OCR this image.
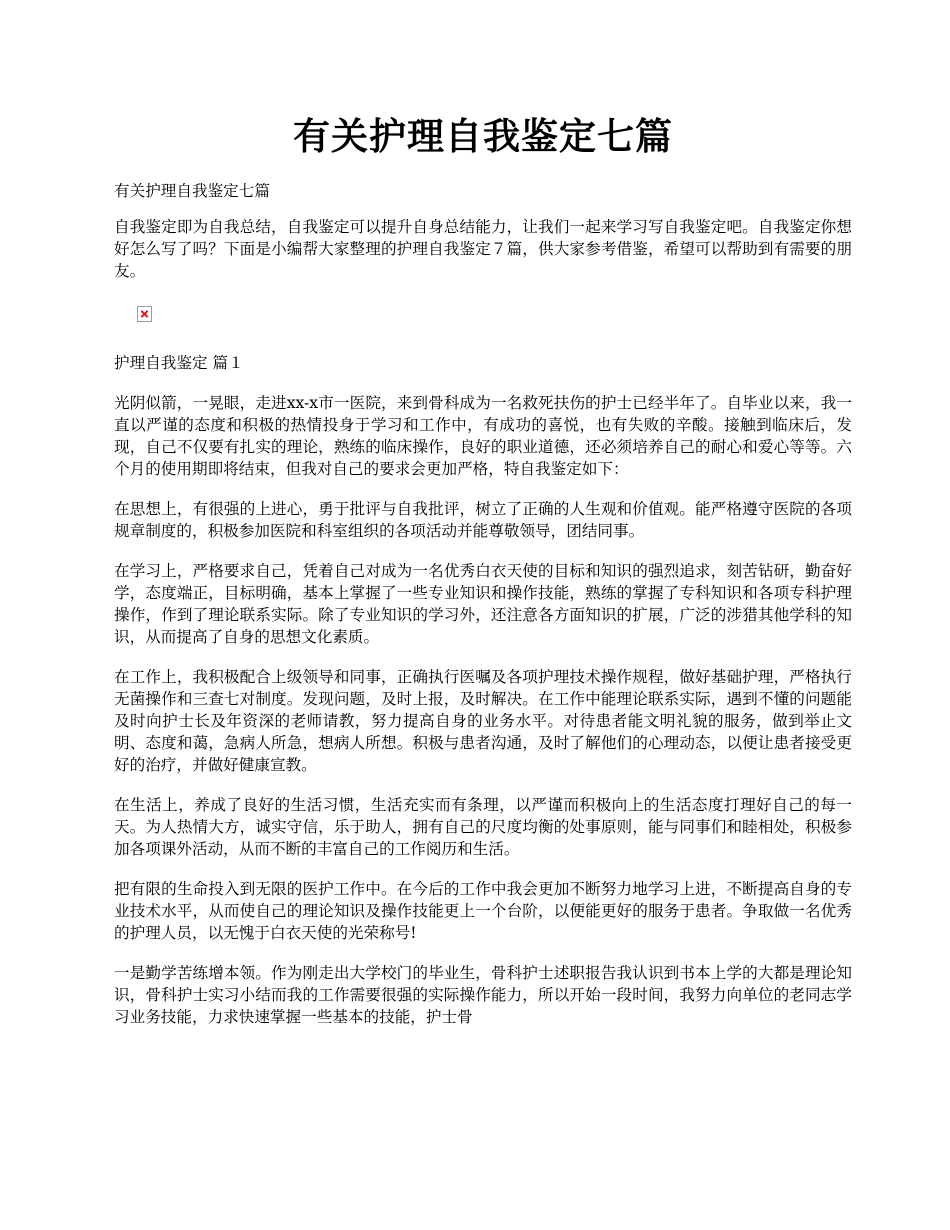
有关护理自我鉴定七篇

有关护理自我鉴定七篇

自我鉴定即为自我总结，自我鉴定可以提升自身总结能力，让我们一起来学习写自我鉴定吧。自我鉴定你想好怎么写了吗？下面是小编帮大家整理的护理自我鉴定７篇，供大家参考借鉴，希望可以帮助到有需要的朋友。

护理自我鉴定 篇１

光阴似箭，一晃眼，走进xx-x市一医院，来到骨科成为一名救死扶伤的护士已经半年了。自毕业以来，我一直以严谨的态度和积极的热情投身于学习和工作中，有成功的喜悦，也有失败的辛酸。接触到临床后，发现，自己不仅要有扎实的理论，熟练的临床操作，良好的职业道德，还必须培养自己的耐心和爱心等等。六个月的使用期即将结束，但我对自己的要求会更加严格，特自我鉴定如下：

在思想上，有很强的上进心，勇于批评与自我批评，树立了正确的人生观和价值观。能严格遵守医院的各项规章制度的，积极参加医院和科室组织的各项活动并能尊敬领导，团结同事。

在学习上，严格要求自己，凭着自己对成为一名优秀白衣天使的目标和知识的强烈追求，刻苦钻研，勤奋好学，态度端正，目标明确，基本上掌握了一些专业知识和操作技能，熟练的掌握了专科知识和各项专科护理操作，作到了理论联系实际。除了专业知识的学习外，还注意各方面知识的扩展，广泛的涉猎其他学科的知识，从而提高了自身的思想文化素质。

在工作上，我积极配合上级领导和同事，正确执行医嘱及各项护理技术操作规程，做好基础护理，严格执行无菌操作和三查七对制度。发现问题，及时上报，及时解决。在工作中能理论联系实际，遇到不懂的问题能及时向护士长及年资深的老师请教，努力提高自身的业务水平。对待患者能文明礼貌的服务，做到举止文明、态度和蔼，急病人所急，想病人所想。积极与患者沟通，及时了解他们的心理动态，以便让患者接受更好的治疗，并做好健康宣教。

在生活上，养成了良好的生活习惯，生活充实而有条理，以严谨而积极向上的生活态度打理好自己的每一天。为人热情大方，诚实守信，乐于助人，拥有自己的尺度均衡的处事原则，能与同事们和睦相处，积极参加各项课外活动，从而不断的丰富自己的工作阅历和生活。

把有限的生命投入到无限的医护工作中。在今后的工作中我会更加不断努力地学习上进，不断提高自身的专业技术水平，从而使自己的理论知识及操作技能更上一个台阶，以便能更好的服务于患者。争取做一名优秀的护理人员，以无愧于白衣天使的光荣称号!

一是勤学苦练增本领。作为刚走出大学校门的毕业生，骨科护士述职报告我认识到书本上学的大都是理论知识，骨科护士实习小结而我的工作需要很强的实际操作能力，所以开始一段时间，我努力向单位的老同志学习业务技能，力求快速掌握一些基本的技能，护士骨
